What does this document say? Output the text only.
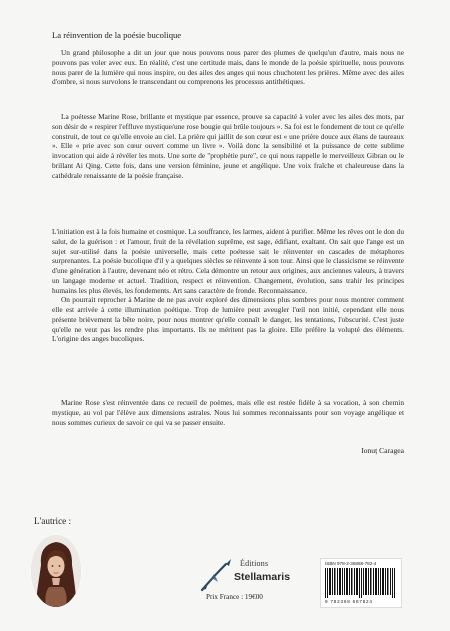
La réinvention de la poésie bucolique

Un grand philosophe a dit un jour que nous pouvons nous parer des plumes de quelqu'un d'autre, mais nous ne pouvons pas voler avec eux. En réalité, c'est une certitude mais, dans le monde de la poésie spirituelle, nous pouvons nous parer de la lumière qui nous inspire, ou des ailes des anges qui nous chuchotent les prières. Même avec des ailes d'ombre, si nous survolons le transcendant ou comprenons les processus antithétiques.

La poétesse Marine Rose, brillante et mystique par essence, prouve sa capacité à voler avec les ailes des mots, par son désir de « respirer l'effluve mystique/une rose bougie qui brûle toujours ». Sa foi est le fondement de tout ce qu'elle construit, de tout ce qu'elle envoie au ciel. La prière qui jaillit de son cœur est « une prière douce aux élans de taureaux ». Elle « prie avec son cœur ouvert comme un livre ». Voilà donc la sensibilité et la puissance de cette sublime invocation qui aide à révéler les mots. Une sorte de "prophétie pure", ce qui nous rappelle le merveilleux Gibran ou le brillant Ai Qing. Cette fois, dans une version féminine, jeune et angélique. Une voix fraîche et chaleureuse dans la cathédrale renaissante de la poésie française.

L'initiation est à la fois humaine et cosmique. La souffrance, les larmes, aident à purifier. Même les rêves ont le don du salut, de la guérison : et l'amour, fruit de la révélation suprême, est sage, édifiant, exaltant. On sait que l'ange est un sujet sur-utilisé dans la poésie universelle, mais cette poétesse sait le réinventer en cascades de métaphores surprenantes. La poésie bucolique d'il y a quelques siècles se réinvente à son tour. Ainsi que le classicisme se réinvente d'une génération à l'autre, devenant néo et rétro. Cela démontre un retour aux origines, aux anciennes valeurs, à travers un langage moderne et actuel. Tradition, respect et réinvention. Changement, évolution, sans trahir les principes humains les plus élevés, les fondements. Art sans caractère de fronde. Reconnaissance.

On pourrait reprocher à Marine de ne pas avoir exploré des dimensions plus sombres pour nous montrer comment elle est arrivée à cette illumination poétique. Trop de lumière peut aveugler l'œil non initié, cependant elle nous présente brièvement la bête noire, pour nous montrer qu'elle connaît le danger, les tentations, l'obscurité. C'est juste qu'elle ne veut pas les rendre plus importants. Ils ne méritent pas la gloire. Elle préfère la volupté des éléments. L'origine des anges bucoliques.

Marine Rose s'est réinventée dans ce recueil de poèmes, mais elle est restée fidèle à sa vocation, à son chemin mystique, au vol par l'élève aux dimensions astrales. Nous lui sommes reconnaissants pour son voyage angélique et nous sommes curieux de savoir ce qui va se passer ensuite.

Ionuț Caragea
L'autrice :
Éditions
Stellamaris
Prix France : 19€00
ISBN 978-2-36868-782-4
9 782368 687824
